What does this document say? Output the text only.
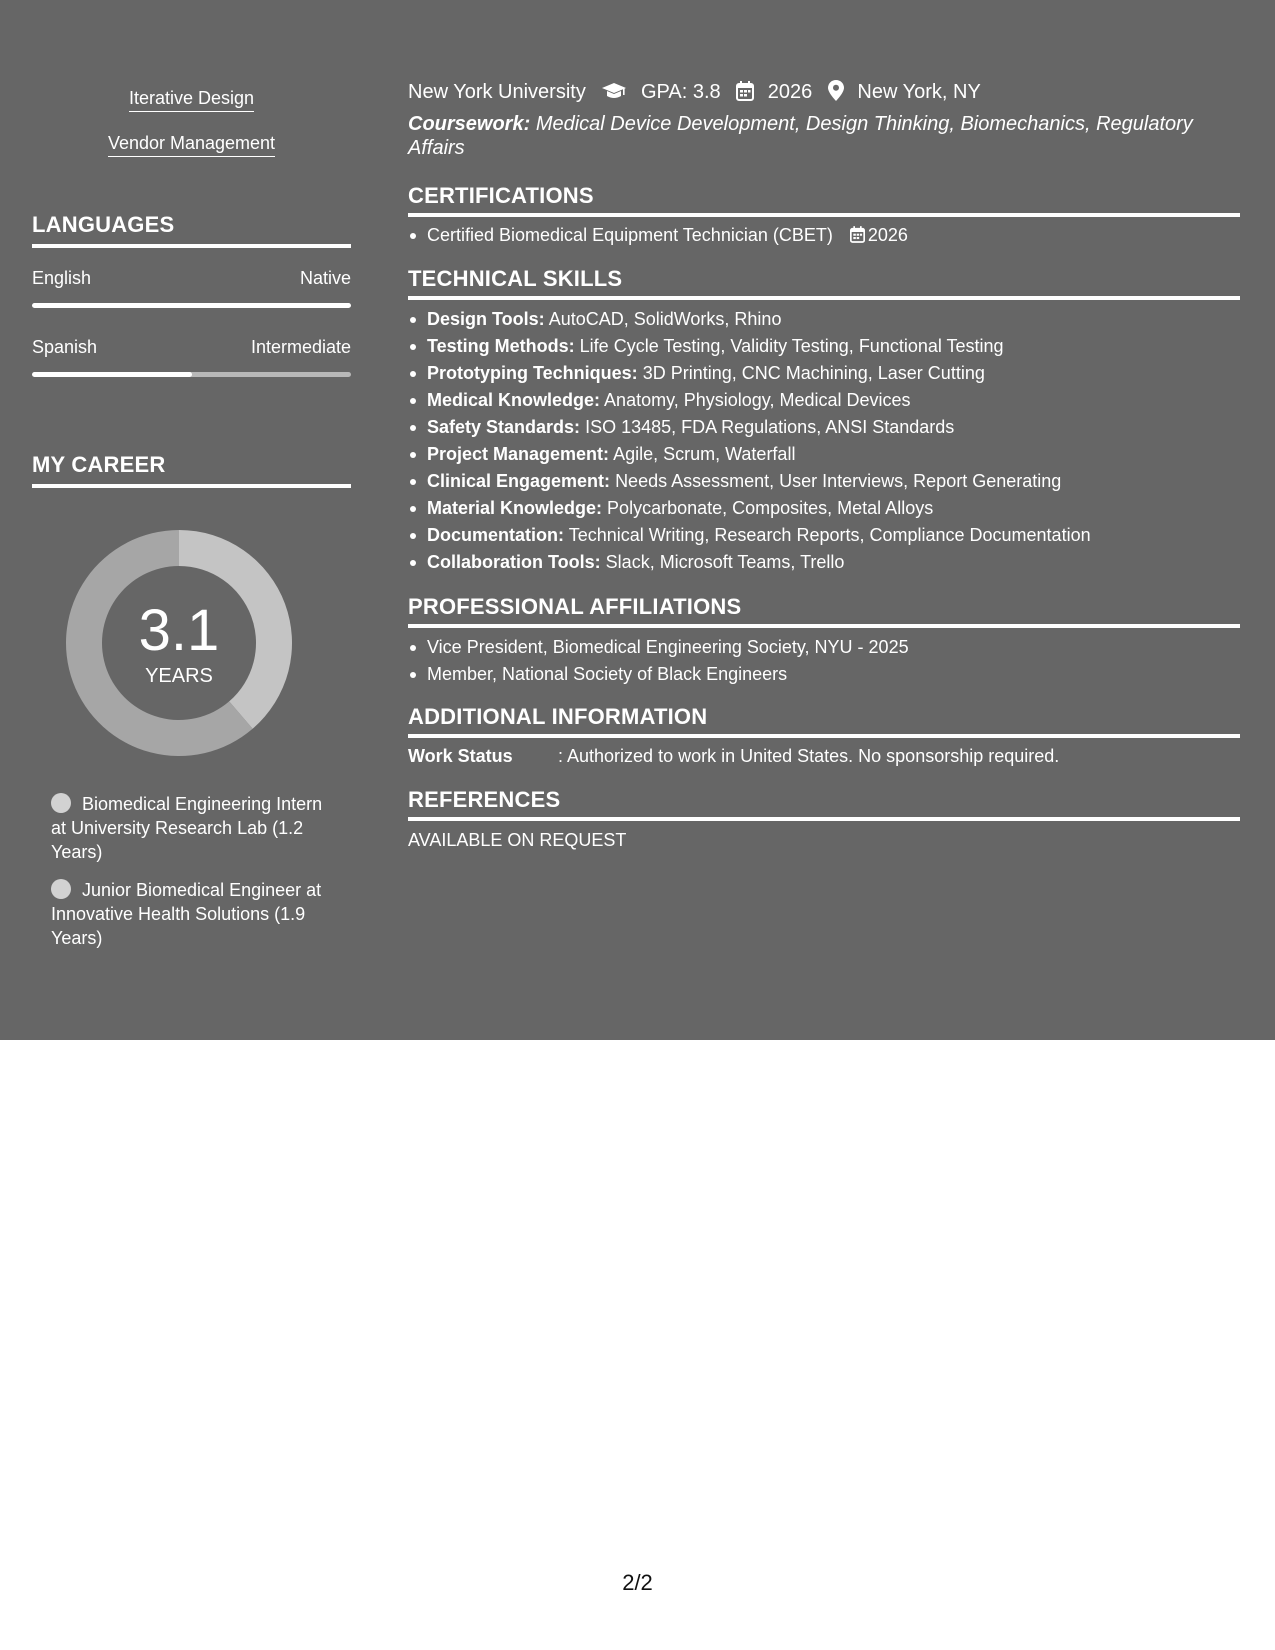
Iterative Design
Vendor Management
LANGUAGES
English	Native
Spanish	Intermediate
MY CAREER
3.1
YEARS
Biomedical Engineering Intern at University Research Lab (1.2 Years)
Junior Biomedical Engineer at Innovative Health Solutions (1.9 Years)
New York University	GPA: 3.8 2026 New York, NY
Coursework: Medical Device Development, Design Thinking, Biomechanics, Regulatory Affairs
CERTIFICATIONS
Certified Biomedical Equipment Technician (CBET) 2026
TECHNICAL SKILLS
Design Tools: AutoCAD, SolidWorks, Rhino
Testing Methods: Life Cycle Testing, Validity Testing, Functional Testing
Prototyping Techniques: 3D Printing, CNC Machining, Laser Cutting
Medical Knowledge: Anatomy, Physiology, Medical Devices
Safety Standards: ISO 13485, FDA Regulations, ANSI Standards
Project Management: Agile, Scrum, Waterfall
Clinical Engagement: Needs Assessment, User Interviews, Report Generating
Material Knowledge: Polycarbonate, Composites, Metal Alloys
Documentation: Technical Writing, Research Reports, Compliance Documentation
Collaboration Tools: Slack, Microsoft Teams, Trello
PROFESSIONAL AFFILIATIONS
Vice President, Biomedical Engineering Society, NYU - 2025
Member, National Society of Black Engineers
ADDITIONAL INFORMATION
Work Status	: Authorized to work in United States. No sponsorship required.
REFERENCES
AVAILABLE ON REQUEST
2/2
